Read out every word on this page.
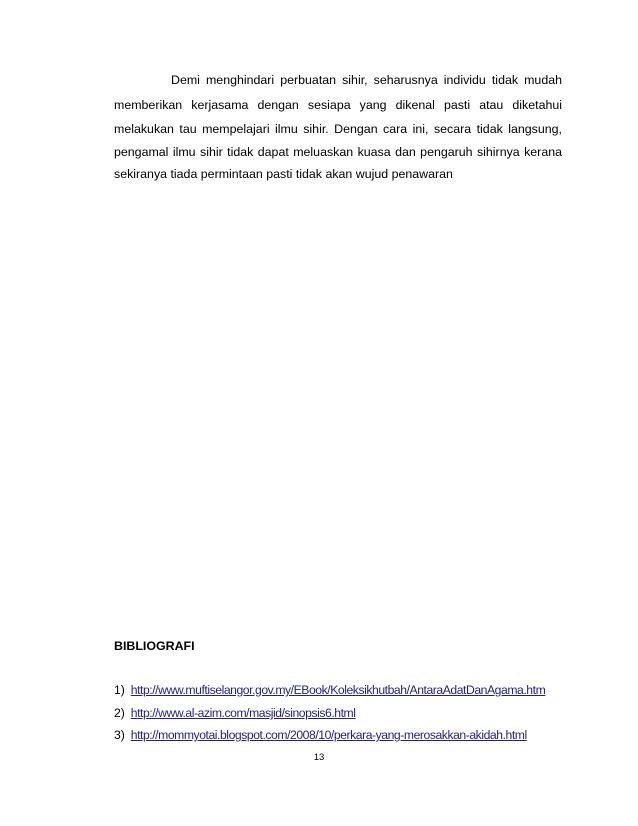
Demi menghindari perbuatan sihir, seharusnya individu tidak mudah
memberikan kerjasama dengan sesiapa yang dikenal pasti atau diketahui
melakukan tau mempelajari ilmu sihir. Dengan cara ini, secara tidak langsung,
pengamal ilmu sihir tidak dapat meluaskan kuasa dan pengaruh sihirnya kerana
sekiranya tiada permintaan pasti tidak akan wujud penawaran
BIBLIOGRAFI
1) http://www.muftiselangor.gov.my/EBook/Koleksikhutbah/AntaraAdatDanAgama.htm
2) http://www.al-azim.com/masjid/sinopsis6.html
3) http://mommyotai.blogspot.com/2008/10/perkara-yang-merosakkan-akidah.html
13
